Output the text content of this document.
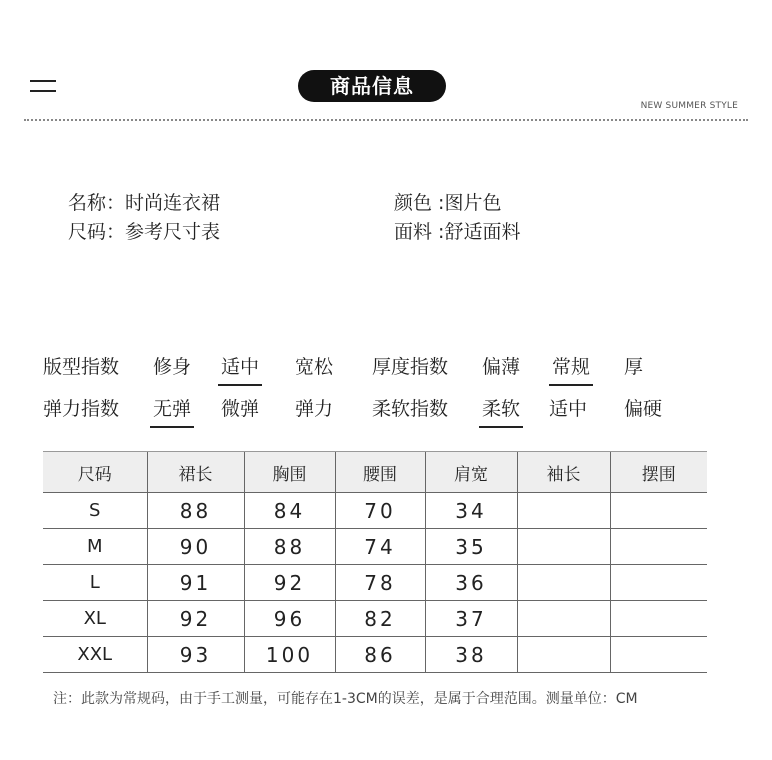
商品信息
NEW SUMMER STYLE
名称：时尚连衣裙
尺码：参考尺寸表
颜色 :图片色
面料 :舒适面料
版型指数 修身 适中 宽松 厚度指数 偏薄 常规 厚
弹力指数 无弹 微弹 弹力 柔软指数 柔软 适中 偏硬
尺码	裙长	胸围	腰围	肩宽	袖长	摆围
S	88	84	70	34		
M	90	88	74	35		
L	91	92	78	36		
XL	92	96	82	37		
XXL	93	100	86	38		
注：此款为常规码，由于手工测量，可能存在1-3CM的误差，是属于合理范围。测量单位：CM
